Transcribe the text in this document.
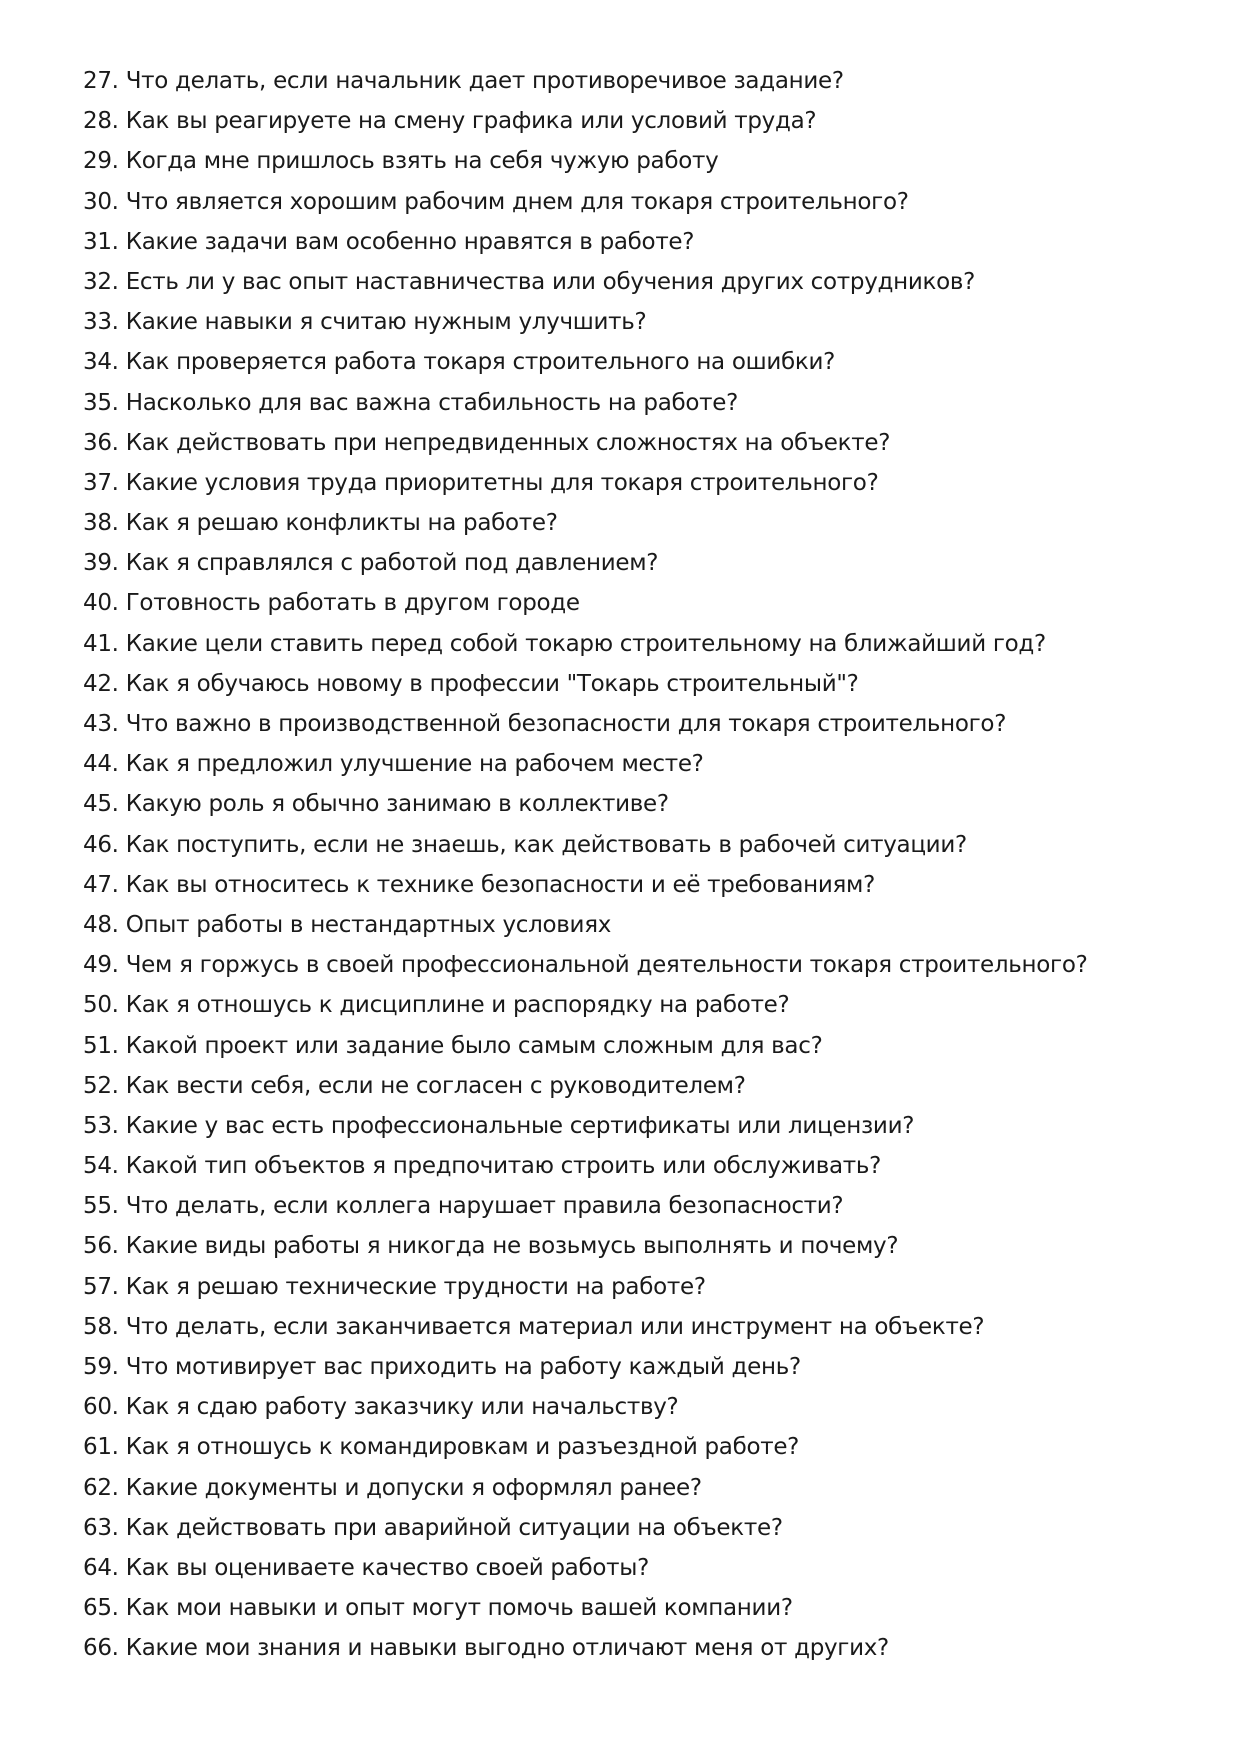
27. Что делать, если начальник дает противоречивое задание?
28. Как вы реагируете на смену графика или условий труда?
29. Когда мне пришлось взять на себя чужую работу
30. Что является хорошим рабочим днем для токаря строительного?
31. Какие задачи вам особенно нравятся в работе?
32. Есть ли у вас опыт наставничества или обучения других сотрудников?
33. Какие навыки я считаю нужным улучшить?
34. Как проверяется работа токаря строительного на ошибки?
35. Насколько для вас важна стабильность на работе?
36. Как действовать при непредвиденных сложностях на объекте?
37. Какие условия труда приоритетны для токаря строительного?
38. Как я решаю конфликты на работе?
39. Как я справлялся с работой под давлением?
40. Готовность работать в другом городе
41. Какие цели ставить перед собой токарю строительному на ближайший год?
42. Как я обучаюсь новому в профессии "Токарь строительный"?
43. Что важно в производственной безопасности для токаря строительного?
44. Как я предложил улучшение на рабочем месте?
45. Какую роль я обычно занимаю в коллективе?
46. Как поступить, если не знаешь, как действовать в рабочей ситуации?
47. Как вы относитесь к технике безопасности и её требованиям?
48. Опыт работы в нестандартных условиях
49. Чем я горжусь в своей профессиональной деятельности токаря строительного?
50. Как я отношусь к дисциплине и распорядку на работе?
51. Какой проект или задание было самым сложным для вас?
52. Как вести себя, если не согласен с руководителем?
53. Какие у вас есть профессиональные сертификаты или лицензии?
54. Какой тип объектов я предпочитаю строить или обслуживать?
55. Что делать, если коллега нарушает правила безопасности?
56. Какие виды работы я никогда не возьмусь выполнять и почему?
57. Как я решаю технические трудности на работе?
58. Что делать, если заканчивается материал или инструмент на объекте?
59. Что мотивирует вас приходить на работу каждый день?
60. Как я сдаю работу заказчику или начальству?
61. Как я отношусь к командировкам и разъездной работе?
62. Какие документы и допуски я оформлял ранее?
63. Как действовать при аварийной ситуации на объекте?
64. Как вы оцениваете качество своей работы?
65. Как мои навыки и опыт могут помочь вашей компании?
66. Какие мои знания и навыки выгодно отличают меня от других?
